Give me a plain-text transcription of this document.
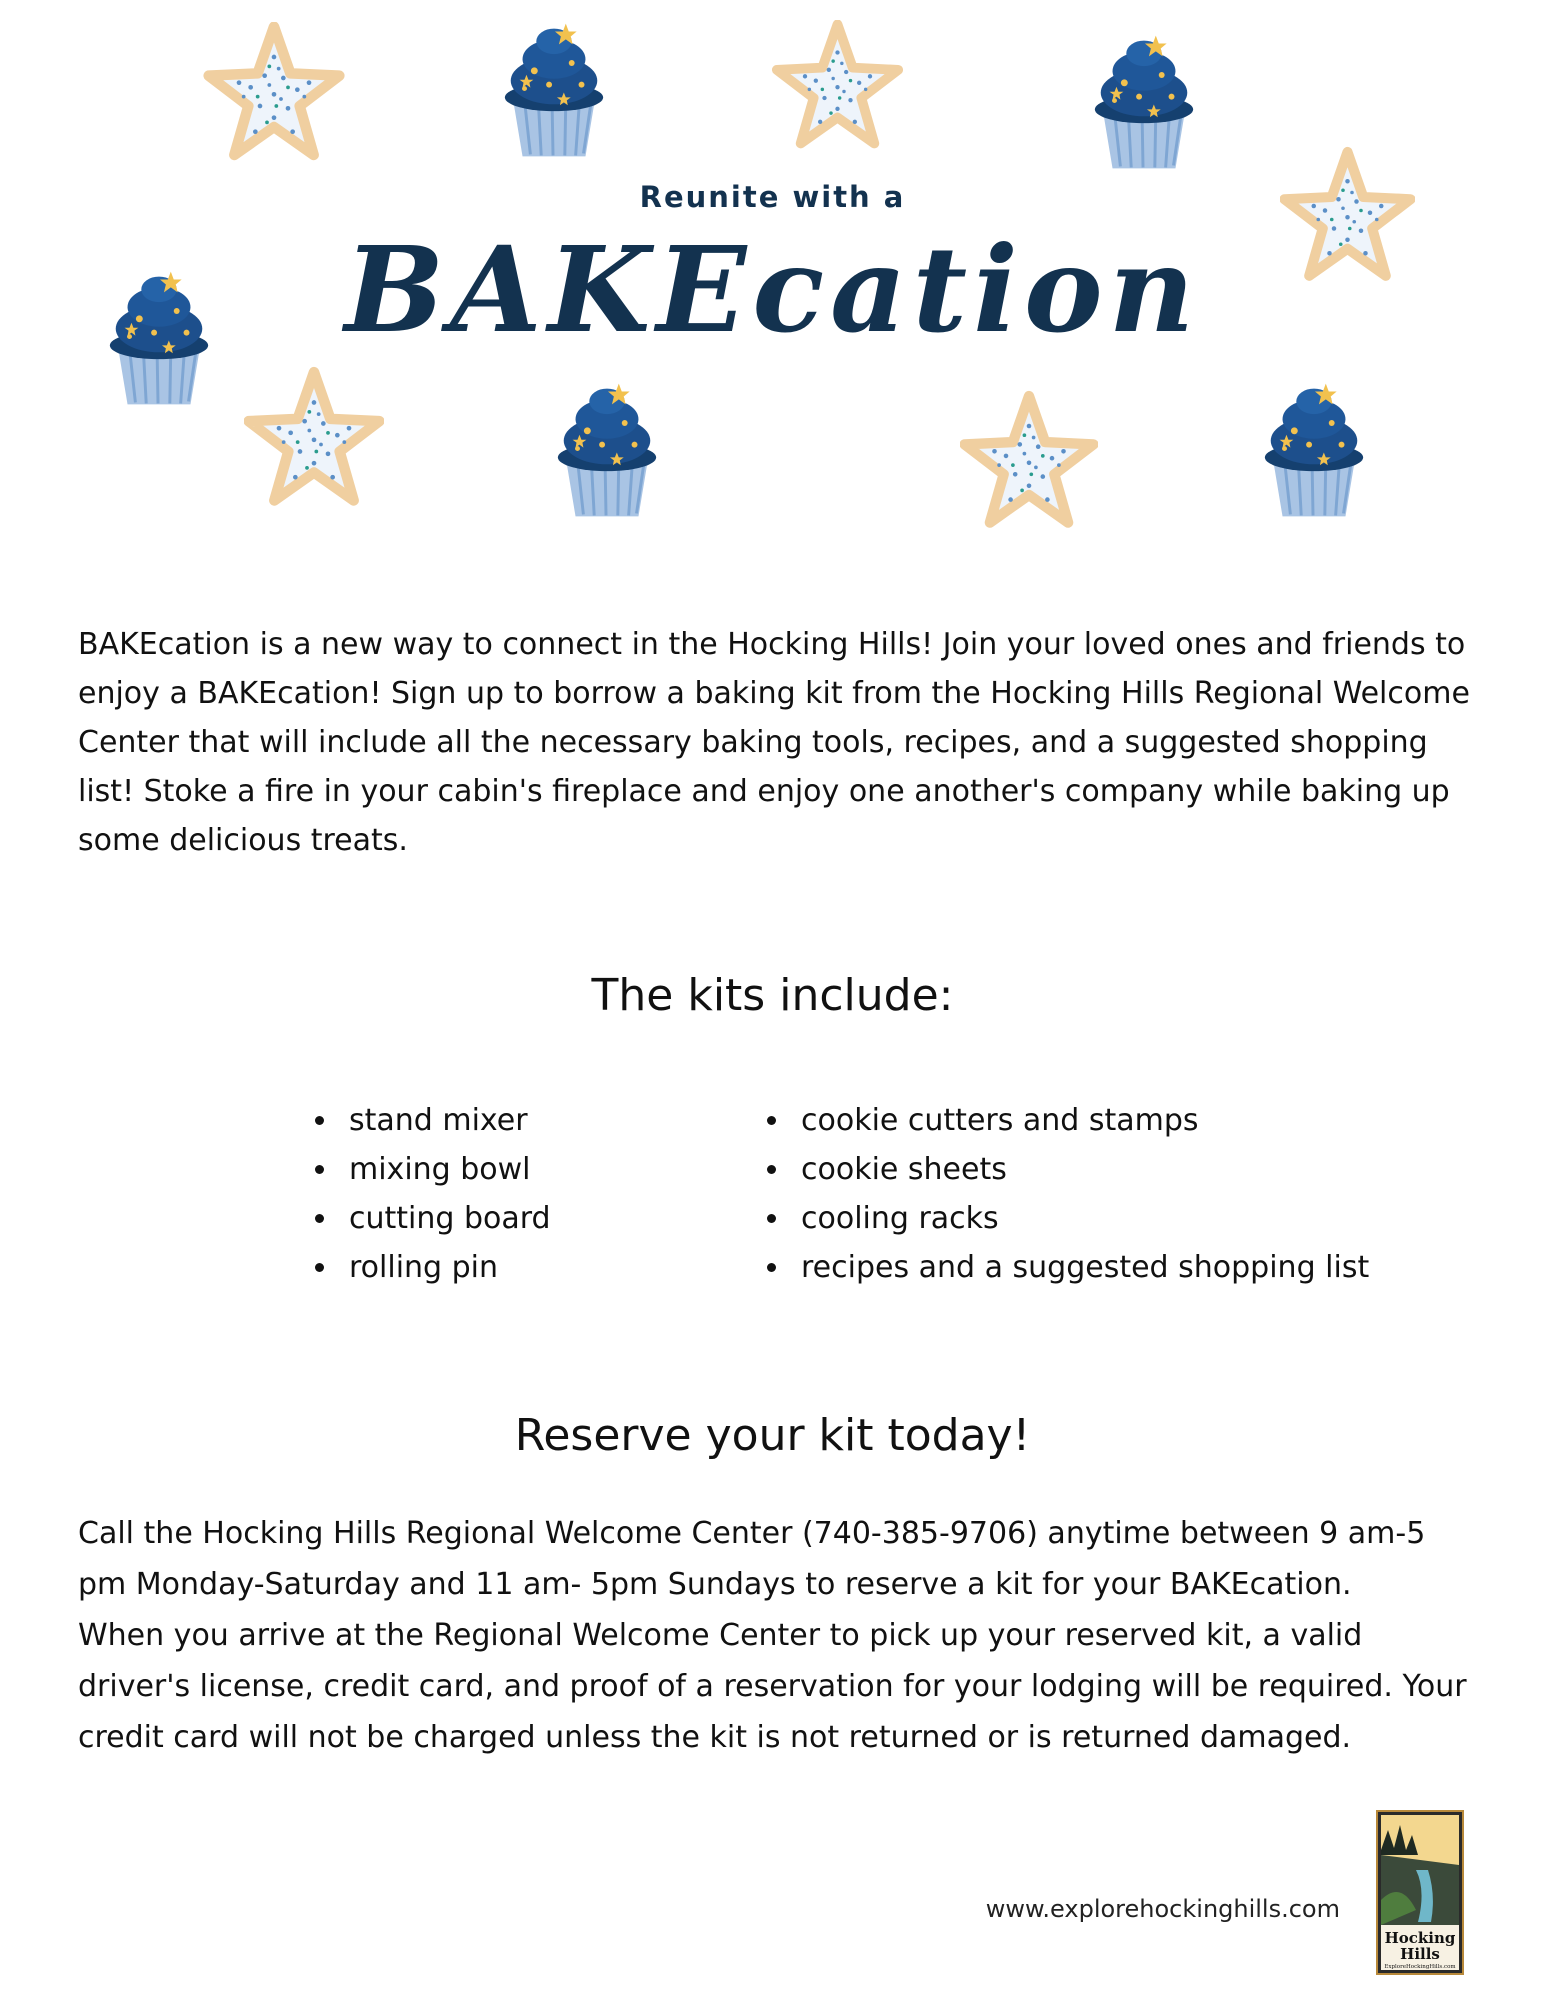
Reunite with a
BAKEcation
BAKEcation is a new way to connect in the Hocking Hills! Join your loved ones and friends to enjoy a BAKEcation! Sign up to borrow a baking kit from the Hocking Hills Regional Welcome Center that will include all the necessary baking tools, recipes, and a suggested shopping list! Stoke a fire in your cabin's fireplace and enjoy one another's company while baking up some delicious treats.
The kits include:
stand mixer
mixing bowl
cutting board
rolling pin
cookie cutters and stamps
cookie sheets
cooling racks
recipes and a suggested shopping list
Reserve your kit today!

Call the Hocking Hills Regional Welcome Center (740-385-9706) anytime between 9 am-5 pm Monday-Saturday and 11 am- 5pm Sundays to reserve a kit for your BAKEcation.

When you arrive at the Regional Welcome Center to pick up your reserved kit, a valid driver's license, credit card, and proof of a reservation for your lodging will be required. Your credit card will not be charged unless the kit is not returned or is returned damaged.

www.explorehockinghills.com
Hocking
Hills
ExploreHockingHills.com
